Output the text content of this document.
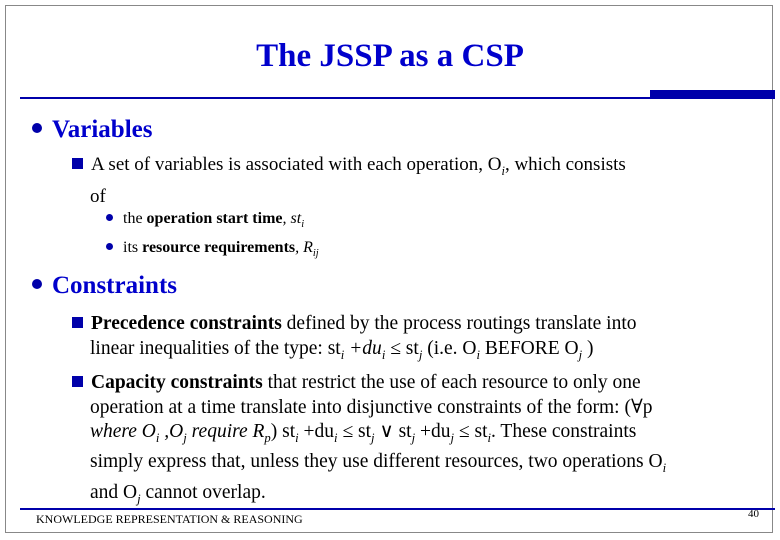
The JSSP as a CSP
Variables
A set of variables is associated with each operation, $O_i$, which consists
of
the operation start time, $st_i$
its resource requirements, $R_{ij}$
Constraints
Precedence constraints defined by the process routings translate into
linear inequalities of the type: $st_i +du_i \le st_j$ (i.e. $O_i$ BEFORE $O_j$ )
Capacity constraints that restrict the use of each resource to only one
operation at a time translate into disjunctive constraints of the form: (∀p
where $O_i$ $,O_j$ require $R_p$) $st_i +du_i \le st_j$ ∨ $st_j +du_j \le st_i$. These constraints
simply express that, unless they use different resources, two operations $O_i$
and $O_j$ cannot overlap.
KNOWLEDGE REPRESENTATION & REASONING	40
